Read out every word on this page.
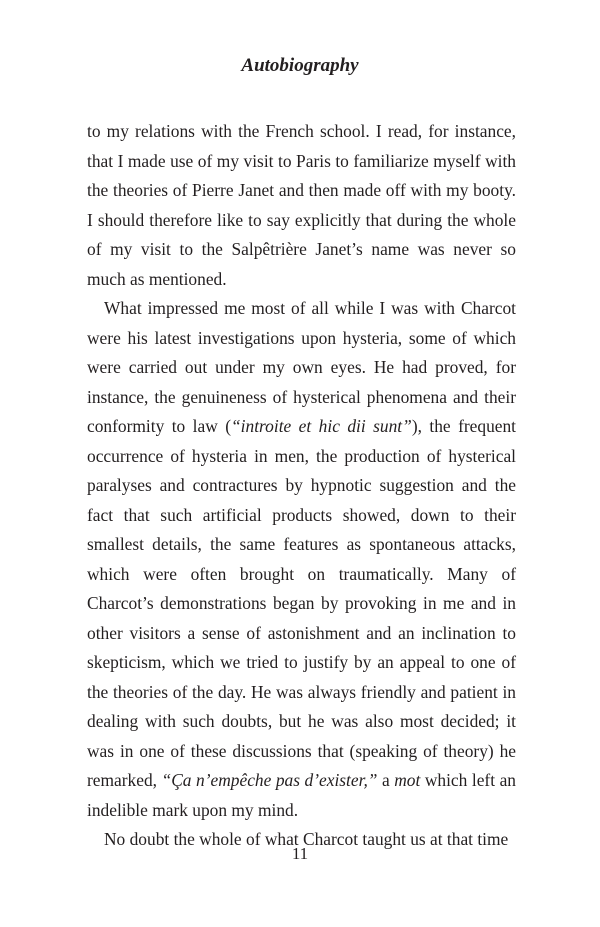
Autobiography

to my relations with the French school. I read, for instance, that I made use of my visit to Paris to familiarize myself with the theories of Pierre Janet and then made off with my booty. I should therefore like to say explicitly that during the whole of my visit to the Salpêtrière Janet’s name was never so much as mentioned.

What impressed me most of all while I was with Charcot were his latest investigations upon hysteria, some of which were carried out under my own eyes. He had proved, for instance, the genuineness of hysterical phenomena and their conformity to law (“introite et hic dii sunt”), the frequent occurrence of hysteria in men, the production of hysterical paralyses and contractures by hypnotic suggestion and the fact that such artificial products showed, down to their smallest details, the same features as spontaneous attacks, which were often brought on traumatically. Many of Charcot’s demonstrations began by provoking in me and in other visitors a sense of astonishment and an inclination to skepticism, which we tried to justify by an appeal to one of the theories of the day. He was always friendly and patient in dealing with such doubts, but he was also most decided; it was in one of these discussions that (speaking of theory) he remarked, “Ça n’empêche pas d’exister,” a mot which left an indelible mark upon my mind.

No doubt the whole of what Charcot taught us at that time

11
